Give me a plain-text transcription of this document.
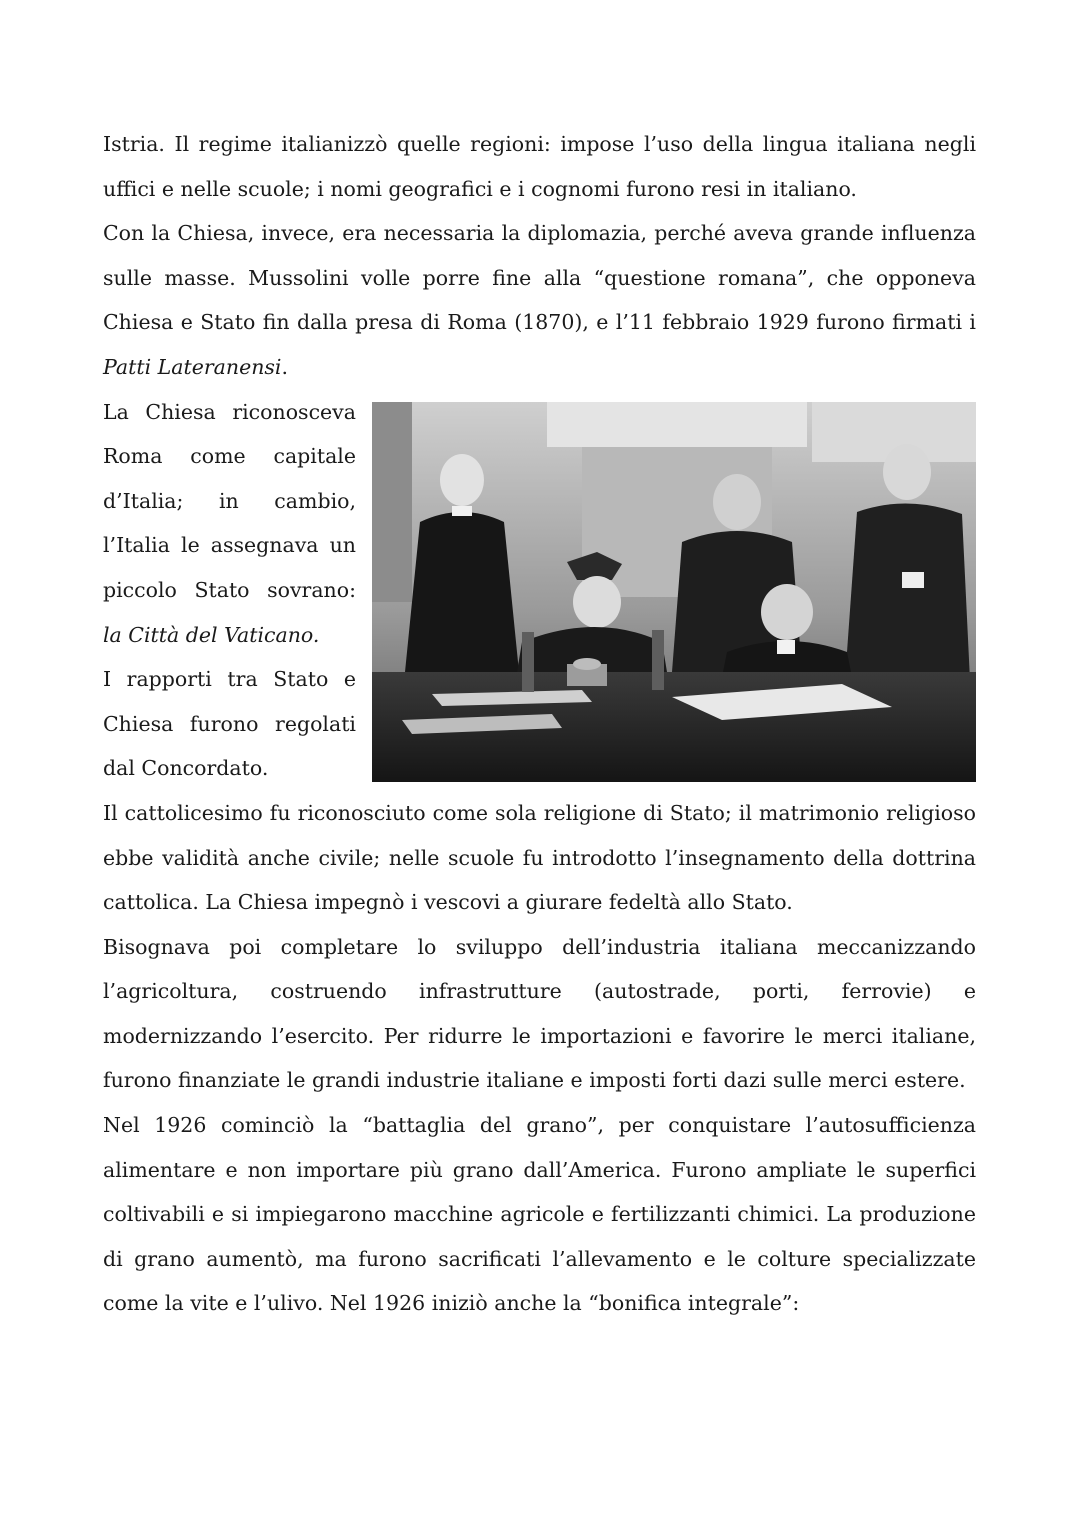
Istria. Il regime italianizzò quelle regioni: impose l’uso della lingua italiana negli uffici e nelle scuole; i nomi geografici e i cognomi furono resi in italiano.

Con la Chiesa, invece, era necessaria la diplomazia, perché aveva grande influenza sulle masse. Mussolini volle porre fine alla “questione romana”, che opponeva Chiesa e Stato fin dalla presa di Roma (1870), e l’11 febbraio 1929 furono firmati i Patti Lateranensi.

La Chiesa riconosceva Roma come capitale d’Italia; in cambio, l’Italia le assegnava un piccolo Stato sovrano: la Città del Vaticano.

I rapporti tra Stato e Chiesa furono regolati dal Concordato.

Il cattolicesimo fu riconosciuto come sola religione di Stato; il matrimonio religioso ebbe validità anche civile; nelle scuole fu introdotto l’insegnamento della dottrina cattolica. La Chiesa impegnò i vescovi a giurare fedeltà allo Stato.

Bisognava poi completare lo sviluppo dell’industria italiana meccanizzando l’agricoltura, costruendo infrastrutture (autostrade, porti, ferrovie) e modernizzando l’esercito. Per ridurre le importazioni e favorire le merci italiane, furono finanziate le grandi industrie italiane e imposti forti dazi sulle merci estere.

Nel 1926 cominciò la “battaglia del grano”, per conquistare l’autosufficienza alimentare e non importare più grano dall’America. Furono ampliate le superfici coltivabili e si impiegarono macchine agricole e fertilizzanti chimici. La produzione di grano aumentò, ma furono sacrificati l’allevamento e le colture specializzate come la vite e l’ulivo. Nel 1926 iniziò anche la “bonifica integrale”:
